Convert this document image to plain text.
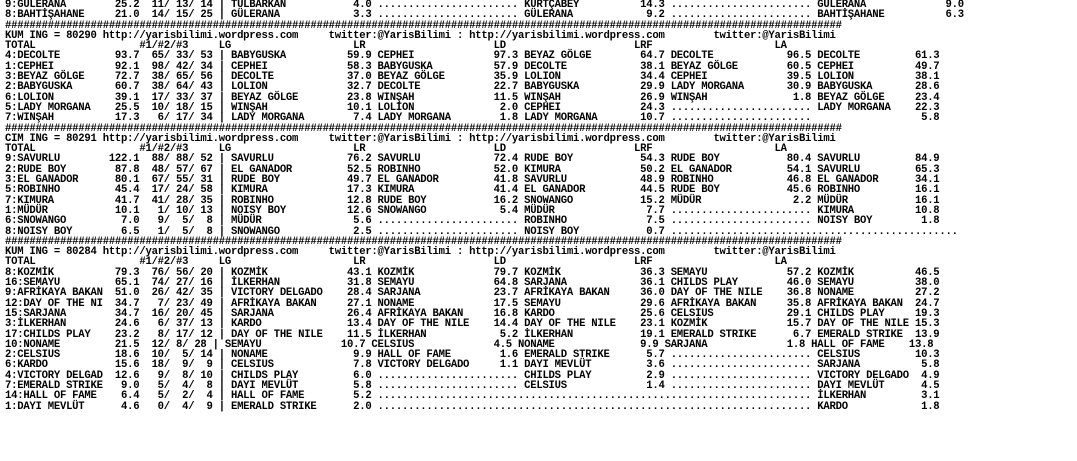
9:GÜLERANA        25.2  11/ 13/ 14 | TULBARKAN           4.0 ....................... KURTÇABEY          14.3 ....................... GÜLERANA             9.0
8:BAHTİŞAHANE     21.0  14/ 15/ 25 | GÜLERANA            3.3 ....................... GÜLERANA            9.2 ....................... BAHTİŞAHANE          6.3
#########################################################################################################################################
KUM ING = 80290 http://yarisbilimi.wordpress.com     twitter:@YarisBilimi : http://yarisbilimi.wordpress.com        twitter:@YarisBilimi
TOTAL                 #1/#2/#3     LG                    LR                     LD                     LRF                    LA
4:DECOLTE         93.7  65/ 33/ 53 | BABYGUSKA          59.9 CEPHEI             97.3 BEYAZ GÖLGE        64.7 DECOLTE            96.5 DECOLTE         61.3
1:CEPHEI          92.1  98/ 42/ 34 | CEPHEI             58.3 BABYGUSKA          57.9 DECOLTE            38.1 BEYAZ GÖLGE        60.5 CEPHEI          49.7
3:BEYAZ GÖLGE     72.7  38/ 65/ 56 | DECOLTE            37.0 BEYAZ GÖLGE        35.9 LOLION             34.4 CEPHEI             39.5 LOLION          38.1
2:BABYGUSKA       60.7  38/ 64/ 43 | LOLION             32.7 DECOLTE            22.7 BABYGUSKA          29.9 LADY MORGANA       30.9 BABYGUSKA       28.6
6:LOLION          39.1  17/ 33/ 37 | BEYAZ GÖLGE        23.8 WINŞAH             11.5 WINŞAH             26.9 WINŞAH              1.8 BEYAZ GÖLGE     23.4
5:LADY MORGANA    25.5  10/ 18/ 15 | WINŞAH             10.1 LOLION              2.0 CEPHEI             24.3 ....................... LADY MORGANA    22.3
7:WINŞAH          17.3   6/ 17/ 34 | LADY MORGANA        7.4 LADY MORGANA        1.8 LADY MORGANA       10.7 .......................                  5.8
#########################################################################################################################################
CIM ING = 80291 http://yarisbilimi.wordpress.com     twitter:@YarisBilimi : http://yarisbilimi.wordpress.com        twitter:@YarisBilimi
TOTAL                 #1/#2/#3     LG                    LR                     LD                     LRF                    LA
9:SAVURLU        122.1  88/ 88/ 52 | SAVURLU            76.2 SAVURLU            72.4 RUDE BOY           54.3 RUDE BOY           80.4 SAVURLU         84.9
2:RUDE BOY        87.8  48/ 57/ 67 | EL GANADOR         52.5 ROBINHO            52.0 KIMURA             50.2 EL GANADOR         54.1 SAVURLU         65.3
3:EL GANADOR      80.1  67/ 55/ 31 | RUDE BOY           49.7 EL GANADOR         41.8 SAVURLU            48.9 ROBINHO            46.8 EL GANADOR      34.1
5:ROBINHO         45.4  17/ 24/ 58 | KIMURA             17.3 KIMURA             41.4 EL GANADOR         44.5 RUDE BOY           45.6 ROBINHO         16.1
7:KIMURA          41.7  41/ 28/ 35 | ROBINHO            12.8 RUDE BOY           16.2 SNOWANGO           15.2 MÜDÜR               2.2 MÜDÜR           16.1
1:MÜDÜR           10.1   1/ 10/ 13 | NOISY BOY          12.6 SNOWANGO            5.4 MÜDÜR               7.7 ....................... KIMURA          10.8
6:SNOWANGO         7.0   9/  5/  8 | MÜDÜR               5.6 ....................... ROBINHO             7.5 ....................... NOISY BOY        1.8
8:NOISY BOY        6.5   1/  5/  8 | SNOWANGO            2.5 ....................... NOISY BOY           0.7 ...............................................
#########################################################################################################################################
KUM ING = 80284 http://yarisbilimi.wordpress.com     twitter:@YarisBilimi : http://yarisbilimi.wordpress.com        twitter:@YarisBilimi
TOTAL                 #1/#2/#3     LG                    LR                     LD                     LRF                    LA
8:KOZMİK          79.3  76/ 56/ 20 | KOZMİK             43.1 KOZMİK             79.7 KOZMİK             36.3 SEMAYU             57.2 KOZMİK          46.5
16:SEMAYU         65.1  74/ 27/ 16 | İLKERHAN           31.8 SEMAYU             64.8 SARJANA            36.1 CHILDS PLAY        46.0 SEMAYU          38.0
9:AFRİKAYA BAKAN  51.0  26/ 42/ 35 | VICTORY DELGADO    28.4 SARJANA            23.7 AFRİKAYA BAKAN     36.0 DAY OF THE NILE    36.8 NONAME          27.2
12:DAY OF THE NI  34.7   7/ 23/ 49 | AFRİKAYA BAKAN     27.1 NONAME             17.5 SEMAYU             29.6 AFRİKAYA BAKAN     35.8 AFRİKAYA BAKAN  24.7
15:SARJANA        34.7  16/ 20/ 45 | SARJANA            26.4 AFRİKAYA BAKAN     16.8 KARDO              25.6 CELSIUS            29.1 CHILDS PLAY     19.3
3:İLKERHAN        24.6   6/ 37/ 13 | KARDO              13.4 DAY OF THE NILE    14.4 DAY OF THE NILE    23.1 KOZMİK             15.7 DAY OF THE NILE 15.3
17:CHILDS PLAY    23.2   8/ 17/ 12 | DAY OF THE NILE    11.5 İLKERHAN            5.2 İLKERHAN           19.1 EMERALD STRIKE      6.7 EMERALD STRIKE  13.9
10:NONAME         21.5  12/ 8/ 28 | SEMAYU             10.7 CELSIUS             4.5 NONAME              9.9 SARJANA             1.8 HALL OF FAME    13.8
2:CELSIUS         18.6  10/  5/ 14 | NONAME              9.9 HALL OF FAME        1.6 EMERALD STRIKE      5.7 ....................... CELSIUS         10.3
6:KARDO           15.6  18/  9/  9 | CELSIUS             7.8 VICTORY DELGADO     1.1 DAYI MEVLÜT         3.6 ....................... SARJANA          5.8
4:VICTORY DELGAD  12.6   9/  8/ 10 | CHILDS PLAY         6.0 ....................... CHILDS PLAY         2.9 ....................... VICTORY DELGADO  4.9
7:EMERALD STRIKE   9.0   5/  4/  8 | DAYI MEVLÜT         5.8 ....................... CELSIUS             1.4 ....................... DAYI MEVLÜT      4.5
14:HALL OF FAME    6.4   5/  2/  4 | HALL OF FAME        5.2 ....................................................................... İLKERHAN         3.1
1:DAYI MEVLÜT      4.6   0/  4/  9 | EMERALD STRIKE      2.0 ....................................................................... KARDO            1.8
